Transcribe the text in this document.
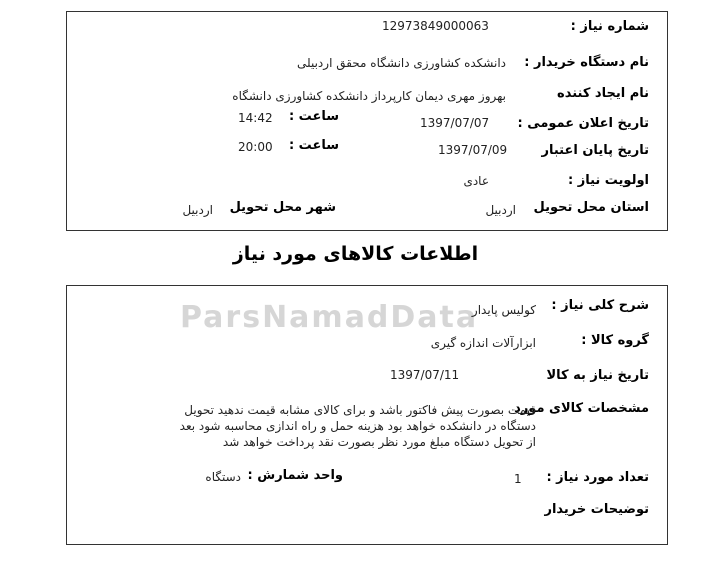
شماره نیاز :
12973849000063
نام دستگاه خریدار :
دانشکده کشاورزی دانشگاه محقق اردبیلی
نام ایجاد کننده
بهروز مهری دیمان کارپرداز دانشکده کشاورزی دانشگاه
تاریخ اعلان عمومی :
1397/07/07
ساعت :
14:42
تاریخ پایان اعتبار
1397/07/09
ساعت :
20:00
اولویت نیاز :
عادی
استان محل تحویل
اردبیل
شهر محل تحویل
اردبیل
اطلاعات کالاهای مورد نیاز
ParsNamadData	شرح کلی نیاز :
کولیس پایدار
گروه کالا :
ابزارآلات اندازه گیری
تاریخ نیاز به کالا
1397/07/11
مشخصات کالای مورد
قیمت بصورت پیش فاکتور باشد و برای کالای مشابه قیمت ندهید تحویل
دستگاه در دانشکده خواهد بود هزینه حمل و راه اندازی محاسبه شود بعد
از تحویل دستگاه مبلغ مورد نظر بصورت نقد پرداخت خواهد شد
تعداد مورد نیاز :
1
واحد شمارش :
دستگاه
توضیحات خریدار
